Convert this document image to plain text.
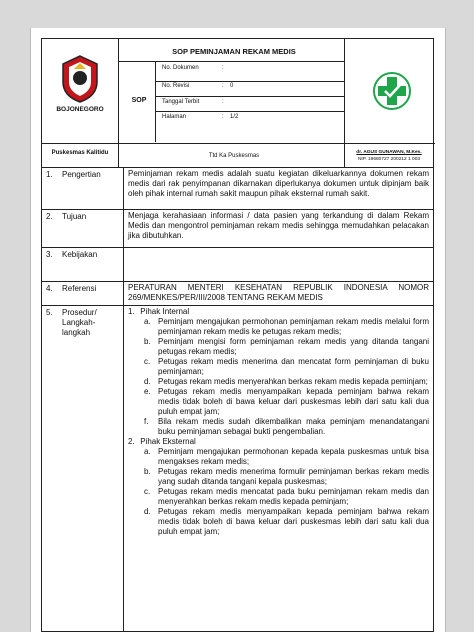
BOJONEGORO
SOP PEMINJAMAN REKAM MEDIS
SOP
No. Dokumen	:
No. Revisi	: 0
Tanggal Terbit	:
Halaman	: 1/2
Puskesmas Kalitidu	Ttd Ka Puskesmas
dr. AGUS GUNAWAN, M.Kes.
NIP. 19680727 200212 1 003
1. Pengertian	Peminjaman rekam medis adalah suatu kegiatan dikeluarkannya dokumen rekam medis dari rak penyimpanan dikarnakan diperlukanya dokumen untuk dipinjam baik oleh pihak internal rumah sakit maupun pihak eksternal rumah sakit.
2. Tujuan	Menjaga kerahasiaan informasi / data pasien yang terkandung di dalam Rekam Medis dan mengontrol peminjaman rekam medis sehingga memudahkan pelacakan jika dibutuhkan.
3. Kebijakan
4. Referensi	PERATURAN MENTERI KESEHATAN REPUBLIK INDONESIA NOMOR 269/MENKES/PER/III/2008 TENTANG REKAM MEDIS
5. Prosedur/ Langkah-langkah
1. Pihak Internal
a. Peminjam mengajukan permohonan peminjaman rekam medis melalui form peminjaman rekam medis ke petugas rekam medis;
b. Peminjam mengisi form peminjaman rekam medis yang ditanda tangani petugas rekam medis;
c. Petugas rekam medis menerima dan mencatat form peminjaman di buku peminjaman;
d. Petugas rekam medis menyerahkan berkas rekam medis kepada peminjam;
e. Petugas rekam medis menyampaikan kepada peminjam bahwa rekam medis tidak boleh di bawa keluar dari puskesmas lebih dari satu kali dua puluh empat jam;
f. Bila rekam medis sudah dikembalikan maka peminjam menandatangani buku peminjaman sebagai bukti pengembalian.
2. Pihak Eksternal
a. Peminjam mengajukan permohonan kepada kepala puskesmas untuk bisa mengakses rekam medis;
b. Petugas rekam medis menerima formulir peminjaman berkas rekam medis yang sudah ditanda tangani kepala puskesmas;
c. Petugas rekam medis mencatat pada buku peminjaman rekam medis dan menyerahkan berkas rekam medis kepada peminjam;
d. Petugas rekam medis menyampaikan kepada peminjam bahwa rekam medis tidak boleh di bawa keluar dari puskesmas lebih dari satu kali dua puluh empat jam;
